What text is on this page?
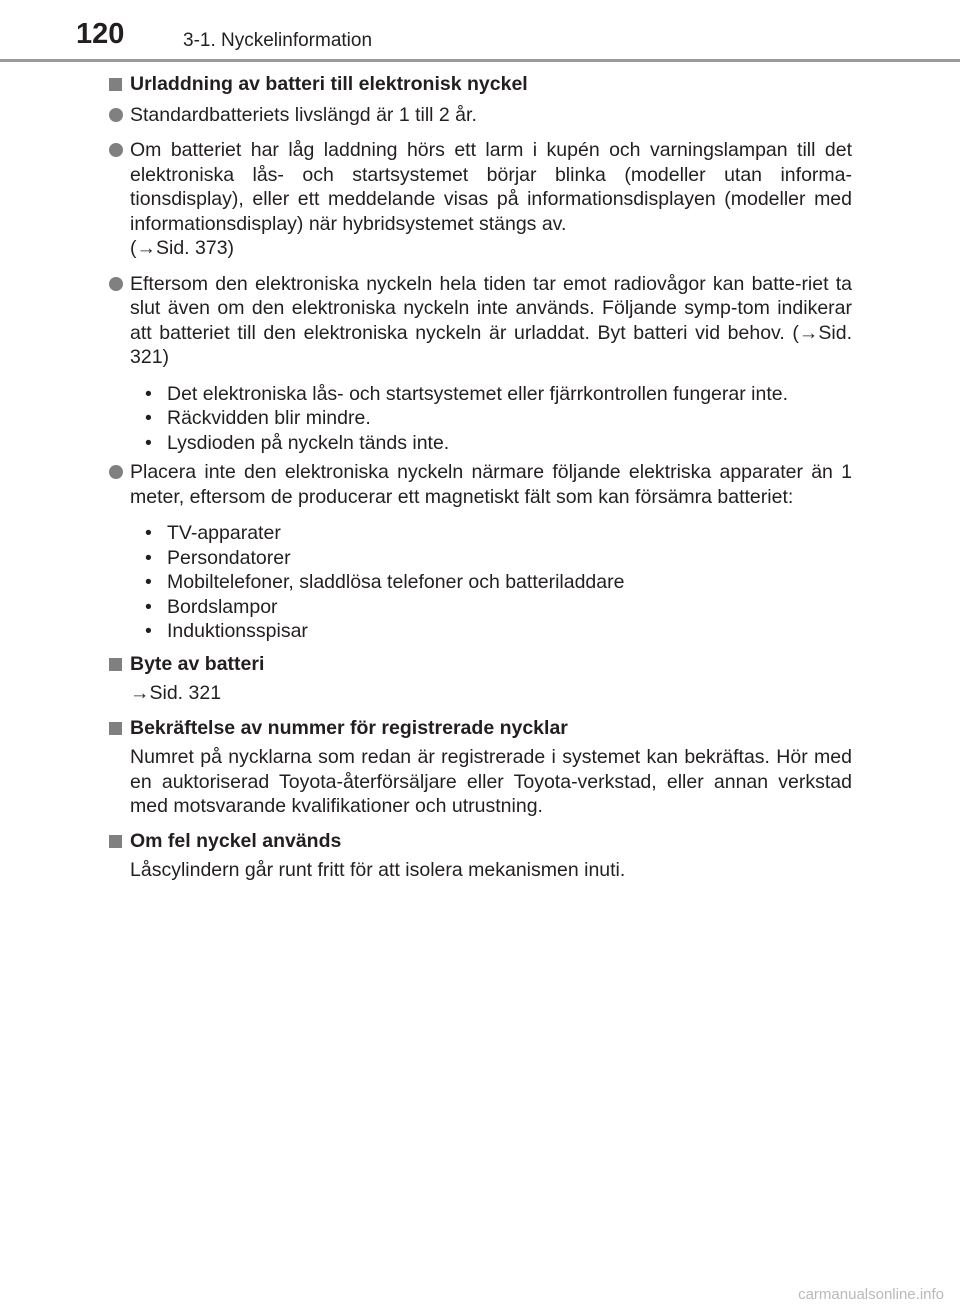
120	3-1. Nyckelinformation
Urladdning av batteri till elektronisk nyckel
Standardbatteriets livslängd är 1 till 2 år.
Om batteriet har låg laddning hörs ett larm i kupén och varningslampan till det elektroniska lås- och startsystemet börjar blinka (modeller utan informa-tionsdisplay), eller ett meddelande visas på informationsdisplayen (modeller med informationsdisplay) när hybridsystemet stängs av.
(→Sid. 373)
Eftersom den elektroniska nyckeln hela tiden tar emot radiovågor kan batte-riet ta slut även om den elektroniska nyckeln inte används. Följande symp-tom indikerar att batteriet till den elektroniska nyckeln är urladdat. Byt batteri vid behov. (→Sid. 321)
• Det elektroniska lås- och startsystemet eller fjärrkontrollen fungerar inte.
• Räckvidden blir mindre.
• Lysdioden på nyckeln tänds inte.
Placera inte den elektroniska nyckeln närmare följande elektriska apparater än 1 meter, eftersom de producerar ett magnetiskt fält som kan försämra batteriet:
• TV-apparater
• Persondatorer
• Mobiltelefoner, sladdlösa telefoner och batteriladdare
• Bordslampor
• Induktionsspisar
Byte av batteri
→Sid. 321
Bekräftelse av nummer för registrerade nycklar
Numret på nycklarna som redan är registrerade i systemet kan bekräftas. Hör med en auktoriserad Toyota-återförsäljare eller Toyota-verkstad, eller annan verkstad med motsvarande kvalifikationer och utrustning.
Om fel nyckel används
Låscylindern går runt fritt för att isolera mekanismen inuti.
carmanualsonline.info
